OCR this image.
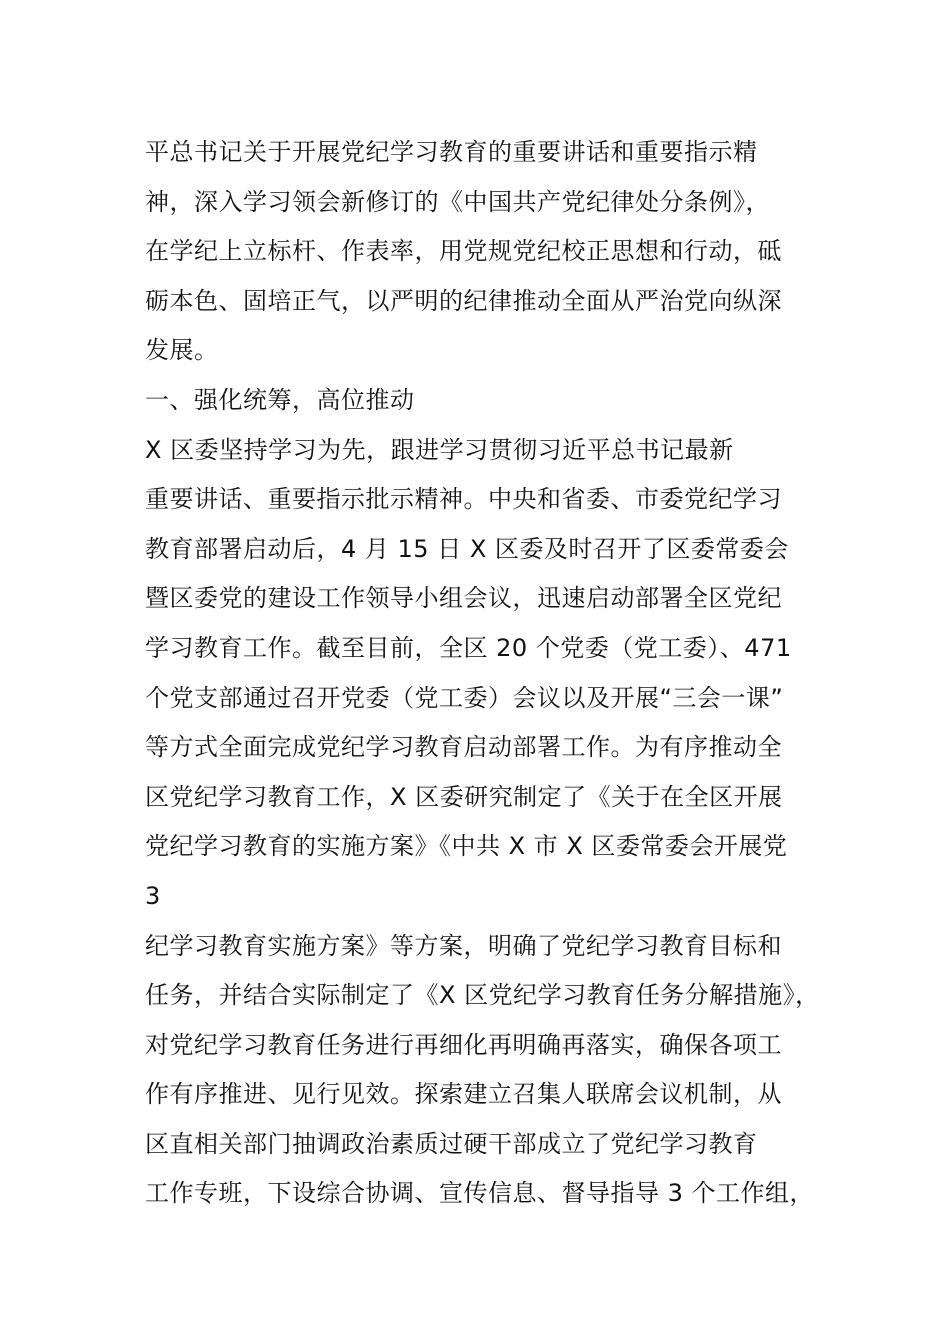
平总书记关于开展党纪学习教育的重要讲话和重要指示精
神，深入学习领会新修订的《中国共产党纪律处分条例》，
在学纪上立标杆、作表率，用党规党纪校正思想和行动，砥
砺本色、固培正气，以严明的纪律推动全面从严治党向纵深
发展。
一、强化统筹，高位推动
X 区委坚持学习为先，跟进学习贯彻习近平总书记最新
重要讲话、重要指示批示精神。中央和省委、市委党纪学习
教育部署启动后，4 月 15 日 X 区委及时召开了区委常委会
暨区委党的建设工作领导小组会议，迅速启动部署全区党纪
学习教育工作。截至目前，全区 20 个党委（党工委）、471
个党支部通过召开党委（党工委）会议以及开展“三会一课”
等方式全面完成党纪学习教育启动部署工作。为有序推动全
区党纪学习教育工作，X 区委研究制定了《关于在全区开展
党纪学习教育的实施方案》《中共 X 市 X 区委常委会开展党
3
纪学习教育实施方案》等方案，明确了党纪学习教育目标和
任务，并结合实际制定了《X 区党纪学习教育任务分解措施》，
对党纪学习教育任务进行再细化再明确再落实，确保各项工
作有序推进、见行见效。探索建立召集人联席会议机制，从
区直相关部门抽调政治素质过硬干部成立了党纪学习教育
工作专班，下设综合协调、宣传信息、督导指导 3 个工作组，
